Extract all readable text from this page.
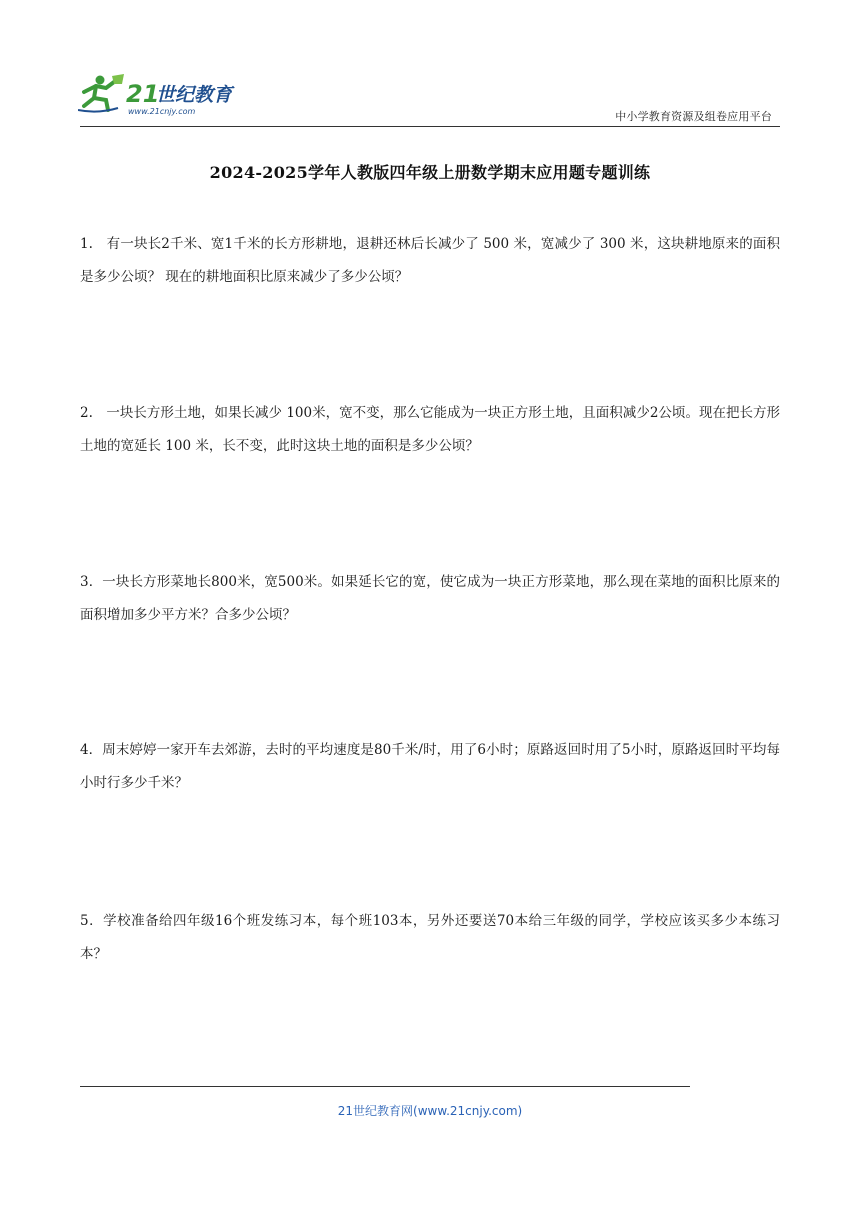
21
世纪教育
www.21cnjy.com	中小学教育资源及组卷应用平台
2024-2025学年人教版四年级上册数学期末应用题专题训练
1.　有一块长2千米、宽1千米的长方形耕地，退耕还林后长减少了 500 米，宽减少了 300 米，这块耕地原来的面积是多少公顷？ 现在的耕地面积比原来减少了多少公顷？
2.　一块长方形土地，如果长减少 100米，宽不变，那么它能成为一块正方形土地，且面积减少2公顷。现在把长方形土地的宽延长 100 米，长不变，此时这块土地的面积是多少公顷？
3．一块长方形菜地长800米，宽500米。如果延长它的宽，使它成为一块正方形菜地，那么现在菜地的面积比原来的面积增加多少平方米？合多少公顷？
4．周末婷婷一家开车去郊游，去时的平均速度是80千米/时，用了6小时；原路返回时用了5小时，原路返回时平均每小时行多少千米？
5．学校准备给四年级16个班发练习本，每个班103本，另外还要送70本给三年级的同学，学校应该买多少本练习本？
21世纪教育网(www.21cnjy.com)
